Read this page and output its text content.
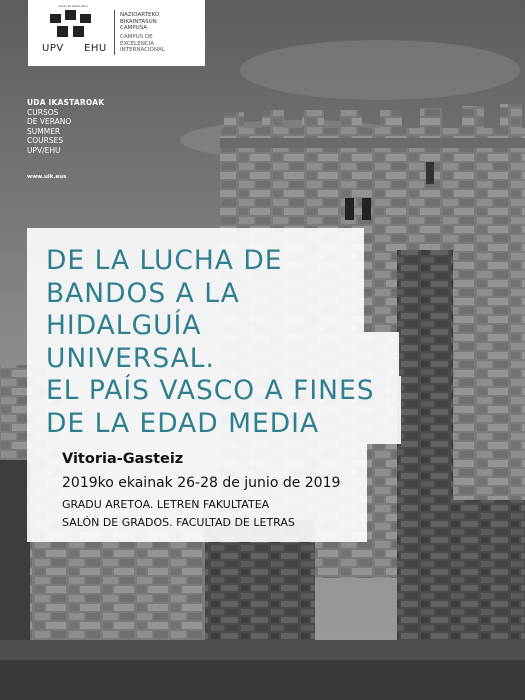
eman ta zabal zazu
UPV EHU
NAZIOARTEKO
BIKAINTASUN
CAMPUSA
CAMPUS DE
EXCELENCIA
INTERNACIONAL
UDA IKASTAROAK
CURSOS
DE VERANO
SUMMER
COURSES
UPV/EHU
www.uik.eus
DE LA LUCHA DE
BANDOS A LA
HIDALGUÍA
UNIVERSAL.
EL PAÍS VASCO A FINES
DE LA EDAD MEDIA
Vitoria-Gasteiz
2019ko ekainak 26-28 de junio de 2019
GRADU ARETOA. LETREN FAKULTATEA
SALÓN DE GRADOS. FACULTAD DE LETRAS
